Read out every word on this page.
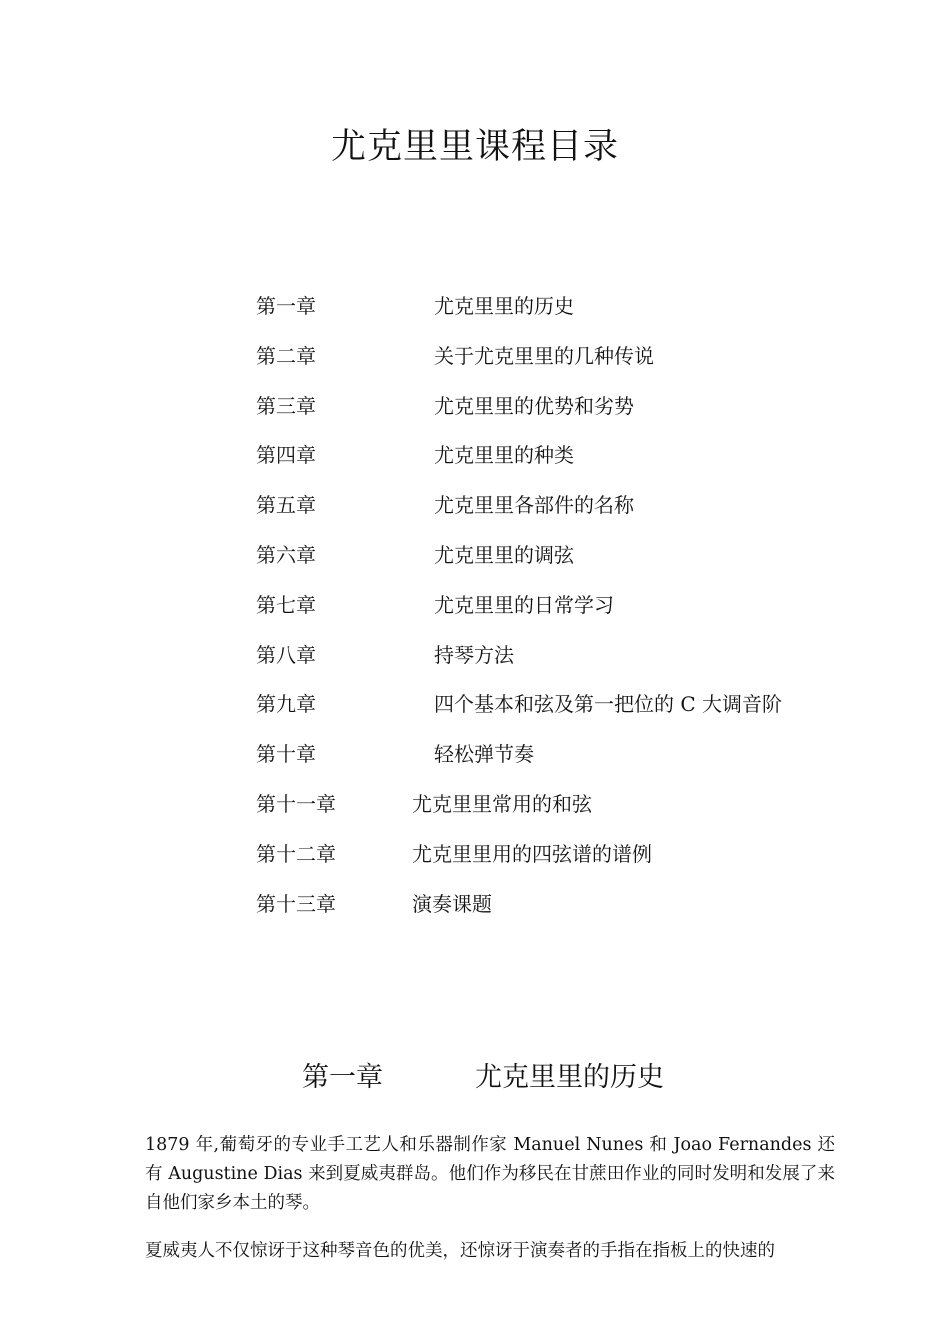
尤克里里课程目录
第一章	尤克里里的历史
第二章	关于尤克里里的几种传说
第三章	尤克里里的优势和劣势
第四章	尤克里里的种类
第五章	尤克里里各部件的名称
第六章	尤克里里的调弦
第七章	尤克里里的日常学习
第八章	持琴方法
第九章	四个基本和弦及第一把位的 C 大调音阶
第十章	轻松弹节奏
第十一章	尤克里里常用的和弦
第十二章	尤克里里用的四弦谱的谱例
第十三章	演奏课题
第一章	尤克里里的历史

1879 年,葡萄牙的专业手工艺人和乐器制作家 Manuel Nunes 和 Joao Fernandes 还有 Augustine Dias 来到夏威夷群岛。他们作为移民在甘蔗田作业的同时发明和发展了来自他们家乡本土的琴。

夏威夷人不仅惊讶于这种琴音色的优美，还惊讶于演奏者的手指在指板上的快速的
